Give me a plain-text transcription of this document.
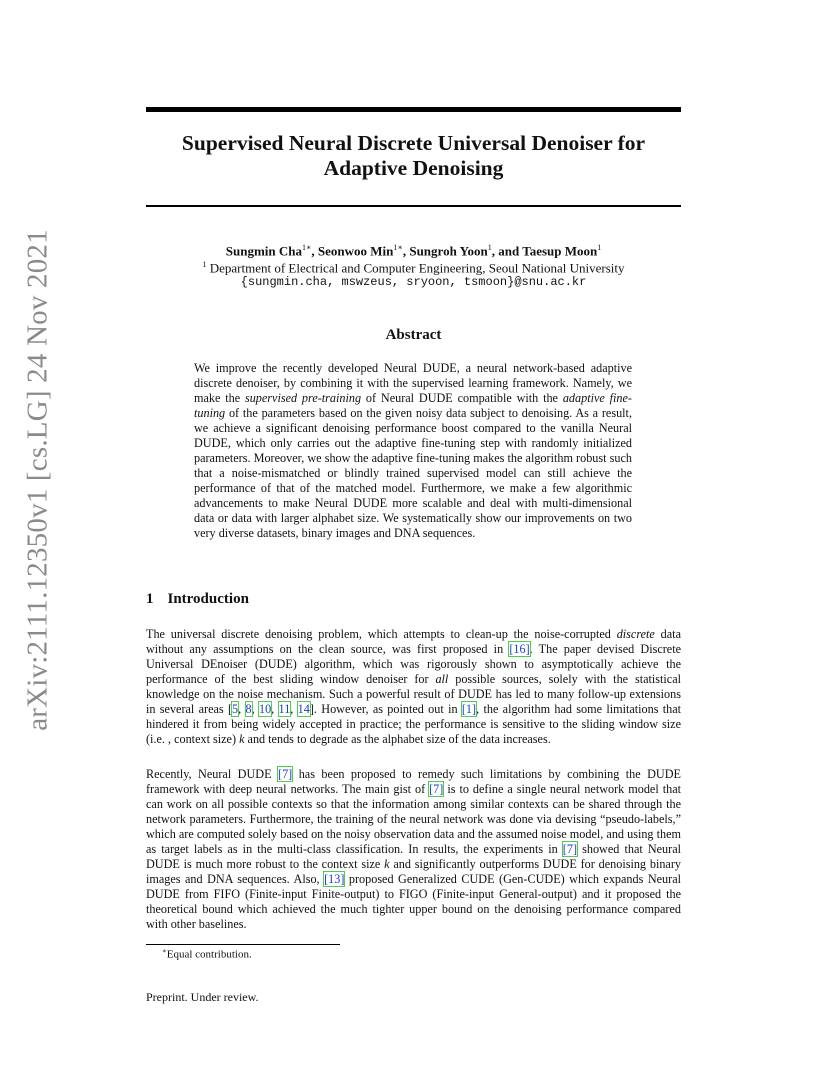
arXiv:2111.12350v1 [cs.LG] 24 Nov 2021
Supervised Neural Discrete Universal Denoiser for
Adaptive Denoising
Sungmin Cha$^{1∗}$, Seonwoo Min$^{1∗}$, Sungroh Yoon$^1$, and Taesup Moon$^1$
$^1$ Department of Electrical and Computer Engineering, Seoul National University
{sungmin.cha, mswzeus, sryoon, tsmoon}@snu.ac.kr
Abstract
We improve the recently developed Neural DUDE, a neural network-based adaptive discrete denoiser, by combining it with the supervised learning framework. Namely, we make the supervised pre-training of Neural DUDE compatible with the adaptive fine-tuning of the parameters based on the given noisy data subject to denoising. As a result, we achieve a significant denoising performance boost compared to the vanilla Neural DUDE, which only carries out the adaptive fine-tuning step with randomly initialized parameters. Moreover, we show the adaptive fine-tuning makes the algorithm robust such that a noise-mismatched or blindly trained supervised model can still achieve the performance of that of the matched model. Furthermore, we make a few algorithmic advancements to make Neural DUDE more scalable and deal with multi-dimensional data or data with larger alphabet size. We systematically show our improvements on two very diverse datasets, binary images and DNA sequences.
1 Introduction
The universal discrete denoising problem, which attempts to clean-up the noise-corrupted discrete data without any assumptions on the clean source, was first proposed in [16]. The paper devised Discrete Universal DEnoiser (DUDE) algorithm, which was rigorously shown to asymptotically achieve the performance of the best sliding window denoiser for all possible sources, solely with the statistical knowledge on the noise mechanism. Such a powerful result of DUDE has led to many follow-up extensions in several areas [5, 8, 10, 11, 14]. However, as pointed out in [1], the algorithm had some limitations that hindered it from being widely accepted in practice; the performance is sensitive to the sliding window size (i.e. , context size) k and tends to degrade as the alphabet size of the data increases.
Recently, Neural DUDE [7] has been proposed to remedy such limitations by combining the DUDE framework with deep neural networks. The main gist of [7] is to define a single neural network model that can work on all possible contexts so that the information among similar contexts can be shared through the network parameters. Furthermore, the training of the neural network was done via devising “pseudo-labels,” which are computed solely based on the noisy observation data and the assumed noise model, and using them as target labels as in the multi-class classification. In results, the experiments in [7] showed that Neural DUDE is much more robust to the context size k and significantly outperforms DUDE for denoising binary images and DNA sequences. Also, [13] proposed Generalized CUDE (Gen-CUDE) which expands Neural DUDE from FIFO (Finite-input Finite-output) to FIGO (Finite-input General-output) and it proposed the theoretical bound which achieved the much tighter upper bound on the denoising performance compared with other baselines.
∗Equal contribution.
Preprint. Under review.
